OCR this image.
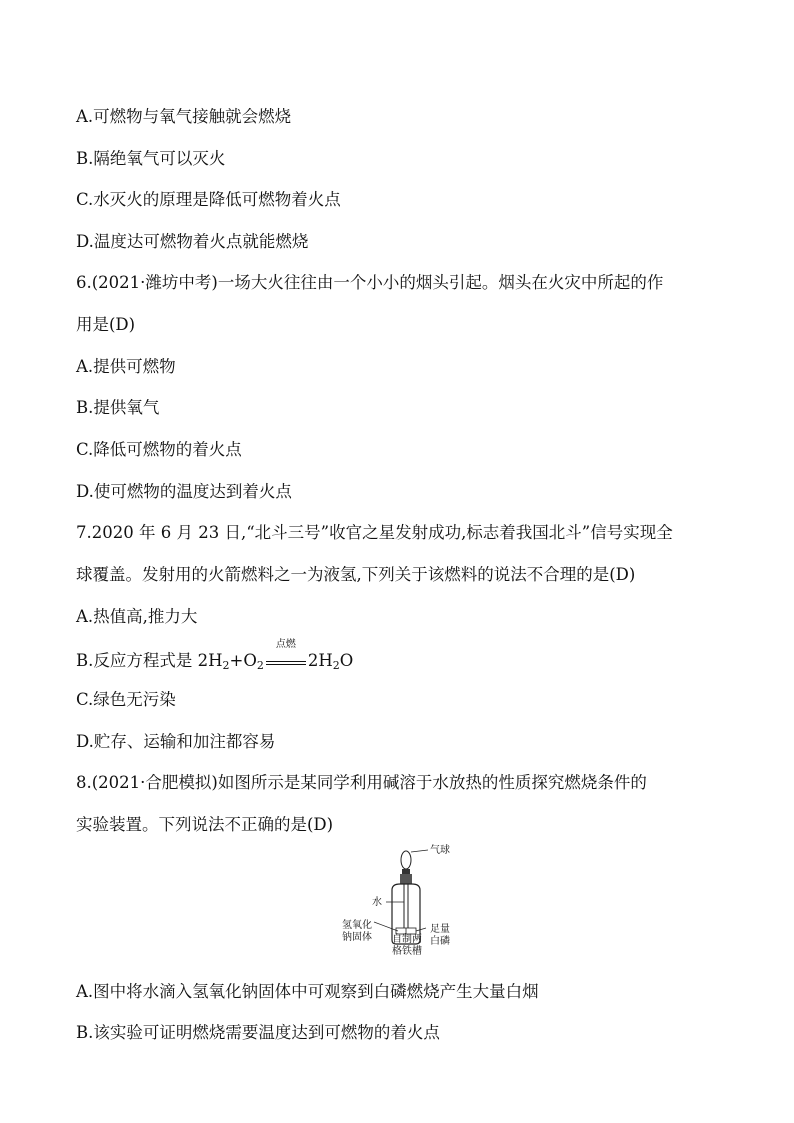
A.可燃物与氧气接触就会燃烧

B.隔绝氧气可以灭火

C.水灭火的原理是降低可燃物着火点

D.温度达可燃物着火点就能燃烧

6.(2021·潍坊中考)一场大火往往由一个小小的烟头引起。烟头在火灾中所起的作

用是(D)

A.提供可燃物

B.提供氧气

C.降低可燃物的着火点

D.使可燃物的温度达到着火点

7.2020 年 6 月 23 日,“北斗三号”收官之星发射成功,标志着我国北斗”信号实现全

球覆盖。发射用的火箭燃料之一为液氢,下列关于该燃料的说法不合理的是(D)

A.热值高,推力大

B.反应方程式是 $2H_2+O_2$
点燃
$2H_2O$

C.绿色无污染

D.贮存、运输和加注都容易

8.(2021·合肥模拟)如图所示是某同学利用碱溶于水放热的性质探究燃烧条件的

实验装置。下列说法不正确的是(D)

气球
水
氢氧化
钠固体 自制两
格铁槽
足量
白磷

A.图中将水滴入氢氧化钠固体中可观察到白磷燃烧产生大量白烟

B.该实验可证明燃烧需要温度达到可燃物的着火点
